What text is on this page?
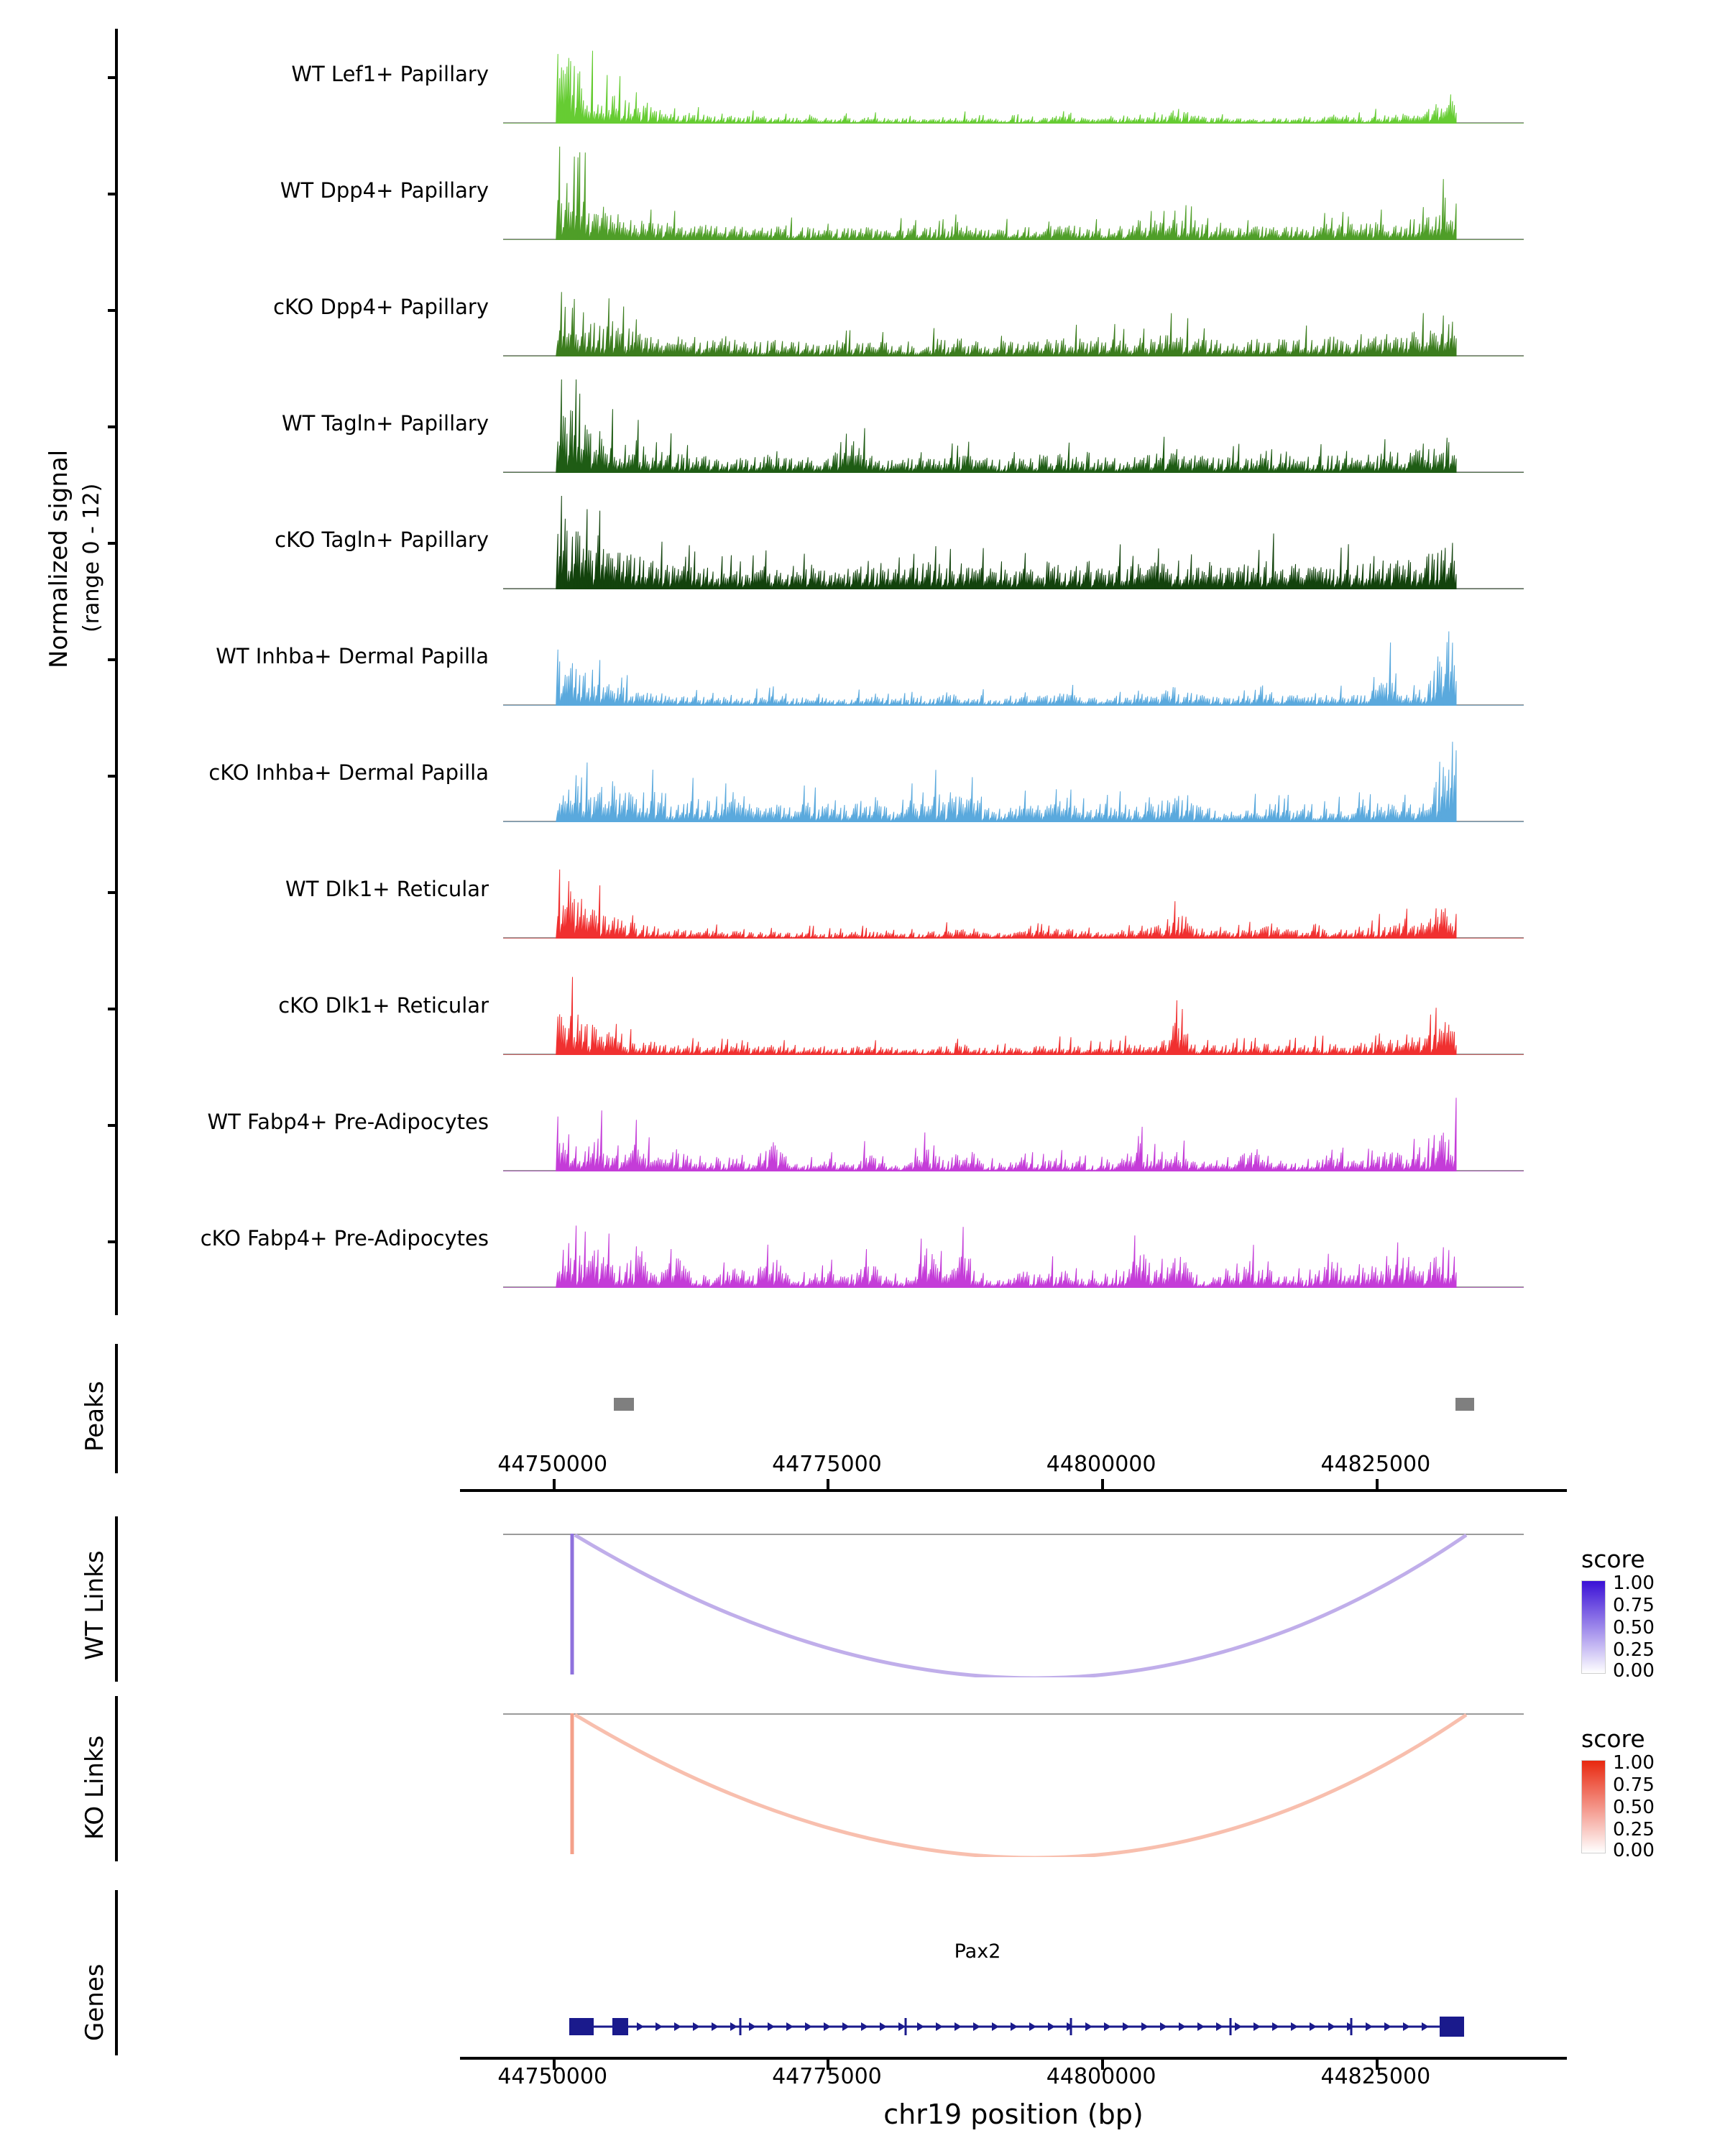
Normalized signal (range 0 - 12)
WT Lef1+ Papillary
WT Dpp4+ Papillary
cKO Dpp4+ Papillary
WT Tagln+ Papillary
cKO Tagln+ Papillary
WT Inhba+ Dermal Papilla
cKO Inhba+ Dermal Papilla
WT Dlk1+ Reticular
cKO Dlk1+ Reticular
WT Fabp4+ Pre-Adipocytes
cKO Fabp4+ Pre-Adipocytes
Peaks
44750000	44775000	44800000	44825000
WT Links
KO Links
Genes
Pax2
44750000	44775000	44800000	44825000
chr19 position (bp)
score
1.00
0.75
0.50
0.25
0.00
score
1.00
0.75
0.50
0.25
0.00
